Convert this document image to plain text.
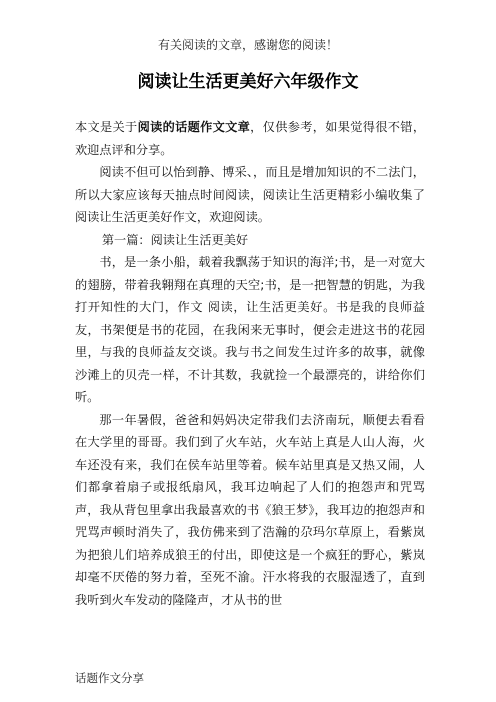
有关阅读的文章，感谢您的阅读！
阅读让生活更美好六年级作文

本文是关于阅读的话题作文文章，仅供参考，如果觉得很不错，欢迎点评和分享。

阅读不但可以怡到静、博采、，而且是增加知识的不二法门，所以大家应该每天抽点时间阅读，阅读让生活更精彩小编收集了阅读让生活更美好作文，欢迎阅读。

第一篇：阅读让生活更美好

书，是一条小船，载着我飘荡于知识的海洋;书，是一对宽大的翅膀，带着我翱翔在真理的天空;书，是一把智慧的钥匙，为我打开知性的大门，作文 阅读，让生活更美好。书是我的良师益友，书架便是书的花园，在我闲来无事时，便会走进这书的花园里，与我的良师益友交谈。我与书之间发生过许多的故事，就像沙滩上的贝壳一样，不计其数，我就捡一个最漂亮的，讲给你们听。

那一年暑假，爸爸和妈妈决定带我们去济南玩，顺便去看看在大学里的哥哥。我们到了火车站，火车站上真是人山人海，火车还没有来，我们在侯车站里等着。候车站里真是又热又闹，人们都拿着扇子或报纸扇风，我耳边响起了人们的抱怨声和咒骂声，我从背包里拿出我最喜欢的书《狼王梦》，我耳边的抱怨声和咒骂声顿时消失了，我仿佛来到了浩瀚的尕玛尔草原上，看紫岚为把狼儿们培养成狼王的付出，即使这是一个疯狂的野心，紫岚却毫不厌倦的努力着，至死不渝。汗水将我的衣服湿透了，直到我听到火车发动的隆隆声，才从书的世

话题作文分享
